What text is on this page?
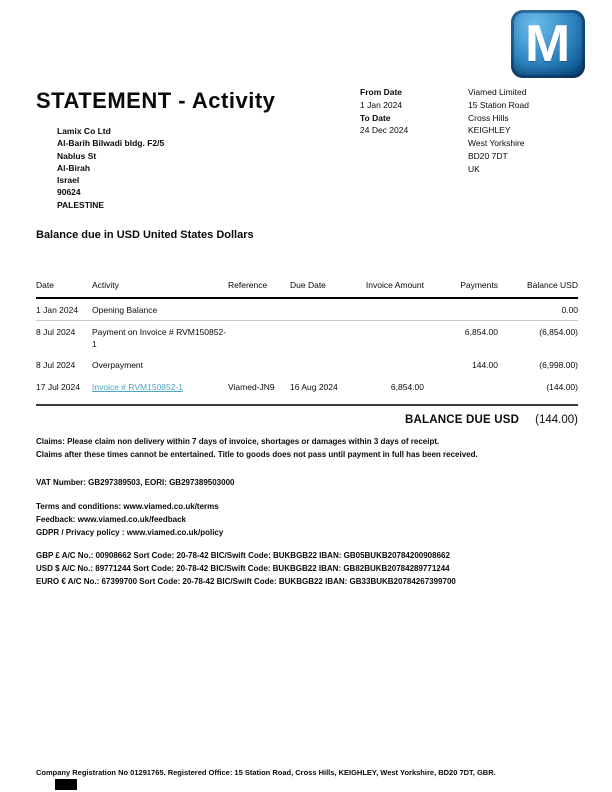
M
STATEMENT - Activity	From Date
1 Jan 2024
To Date
24 Dec 2024
Viamed Limited
15 Station Road
Cross Hills
KEIGHLEY
West Yorkshire
BD20 7DT
UK
Lamix Co Ltd
Al-Barih Bilwadi bldg. F2/5
Nablus St
Al-Birah
Israel
90624
PALESTINE
Balance due in USD United States Dollars
Date	Activity	Reference	Due Date	Invoice Amount	Payments	Balance USD
1 Jan 2024	Opening Balance					0.00
8 Jul 2024	Payment on Invoice # RVM150852-1				6,854.00	(6,854.00)
8 Jul 2024	Overpayment				144.00	(6,998.00)
17 Jul 2024	Invoice # RVM150852-1	Viamed-JN9	16 Aug 2024	6,854.00		(144.00)
BALANCE DUE USD (144.00)
Claims: Please claim non delivery within 7 days of invoice, shortages or damages within 3 days of receipt.
Claims after these times cannot be entertained. Title to goods does not pass until payment in full has been received.
VAT Number: GB297389503, EORI: GB297389503000
Terms and conditions: www.viamed.co.uk/terms
Feedback: www.viamed.co.uk/feedback
GDPR / Privacy policy : www.viamed.co.uk/policy
GBP £ A/C No.: 00908662 Sort Code: 20-78-42 BIC/Swift Code: BUKBGB22 IBAN: GB05BUKB20784200908662
USD $ A/C No.: 89771244 Sort Code: 20-78-42 BIC/Swift Code: BUKBGB22 IBAN: GB82BUKB20784289771244
EURO € A/C No.: 67399700 Sort Code: 20-78-42 BIC/Swift Code: BUKBGB22 IBAN: GB33BUKB20784267399700
Company Registration No 01291765. Registered Office: 15 Station Road, Cross Hills, KEIGHLEY, West Yorkshire, BD20 7DT, GBR.
